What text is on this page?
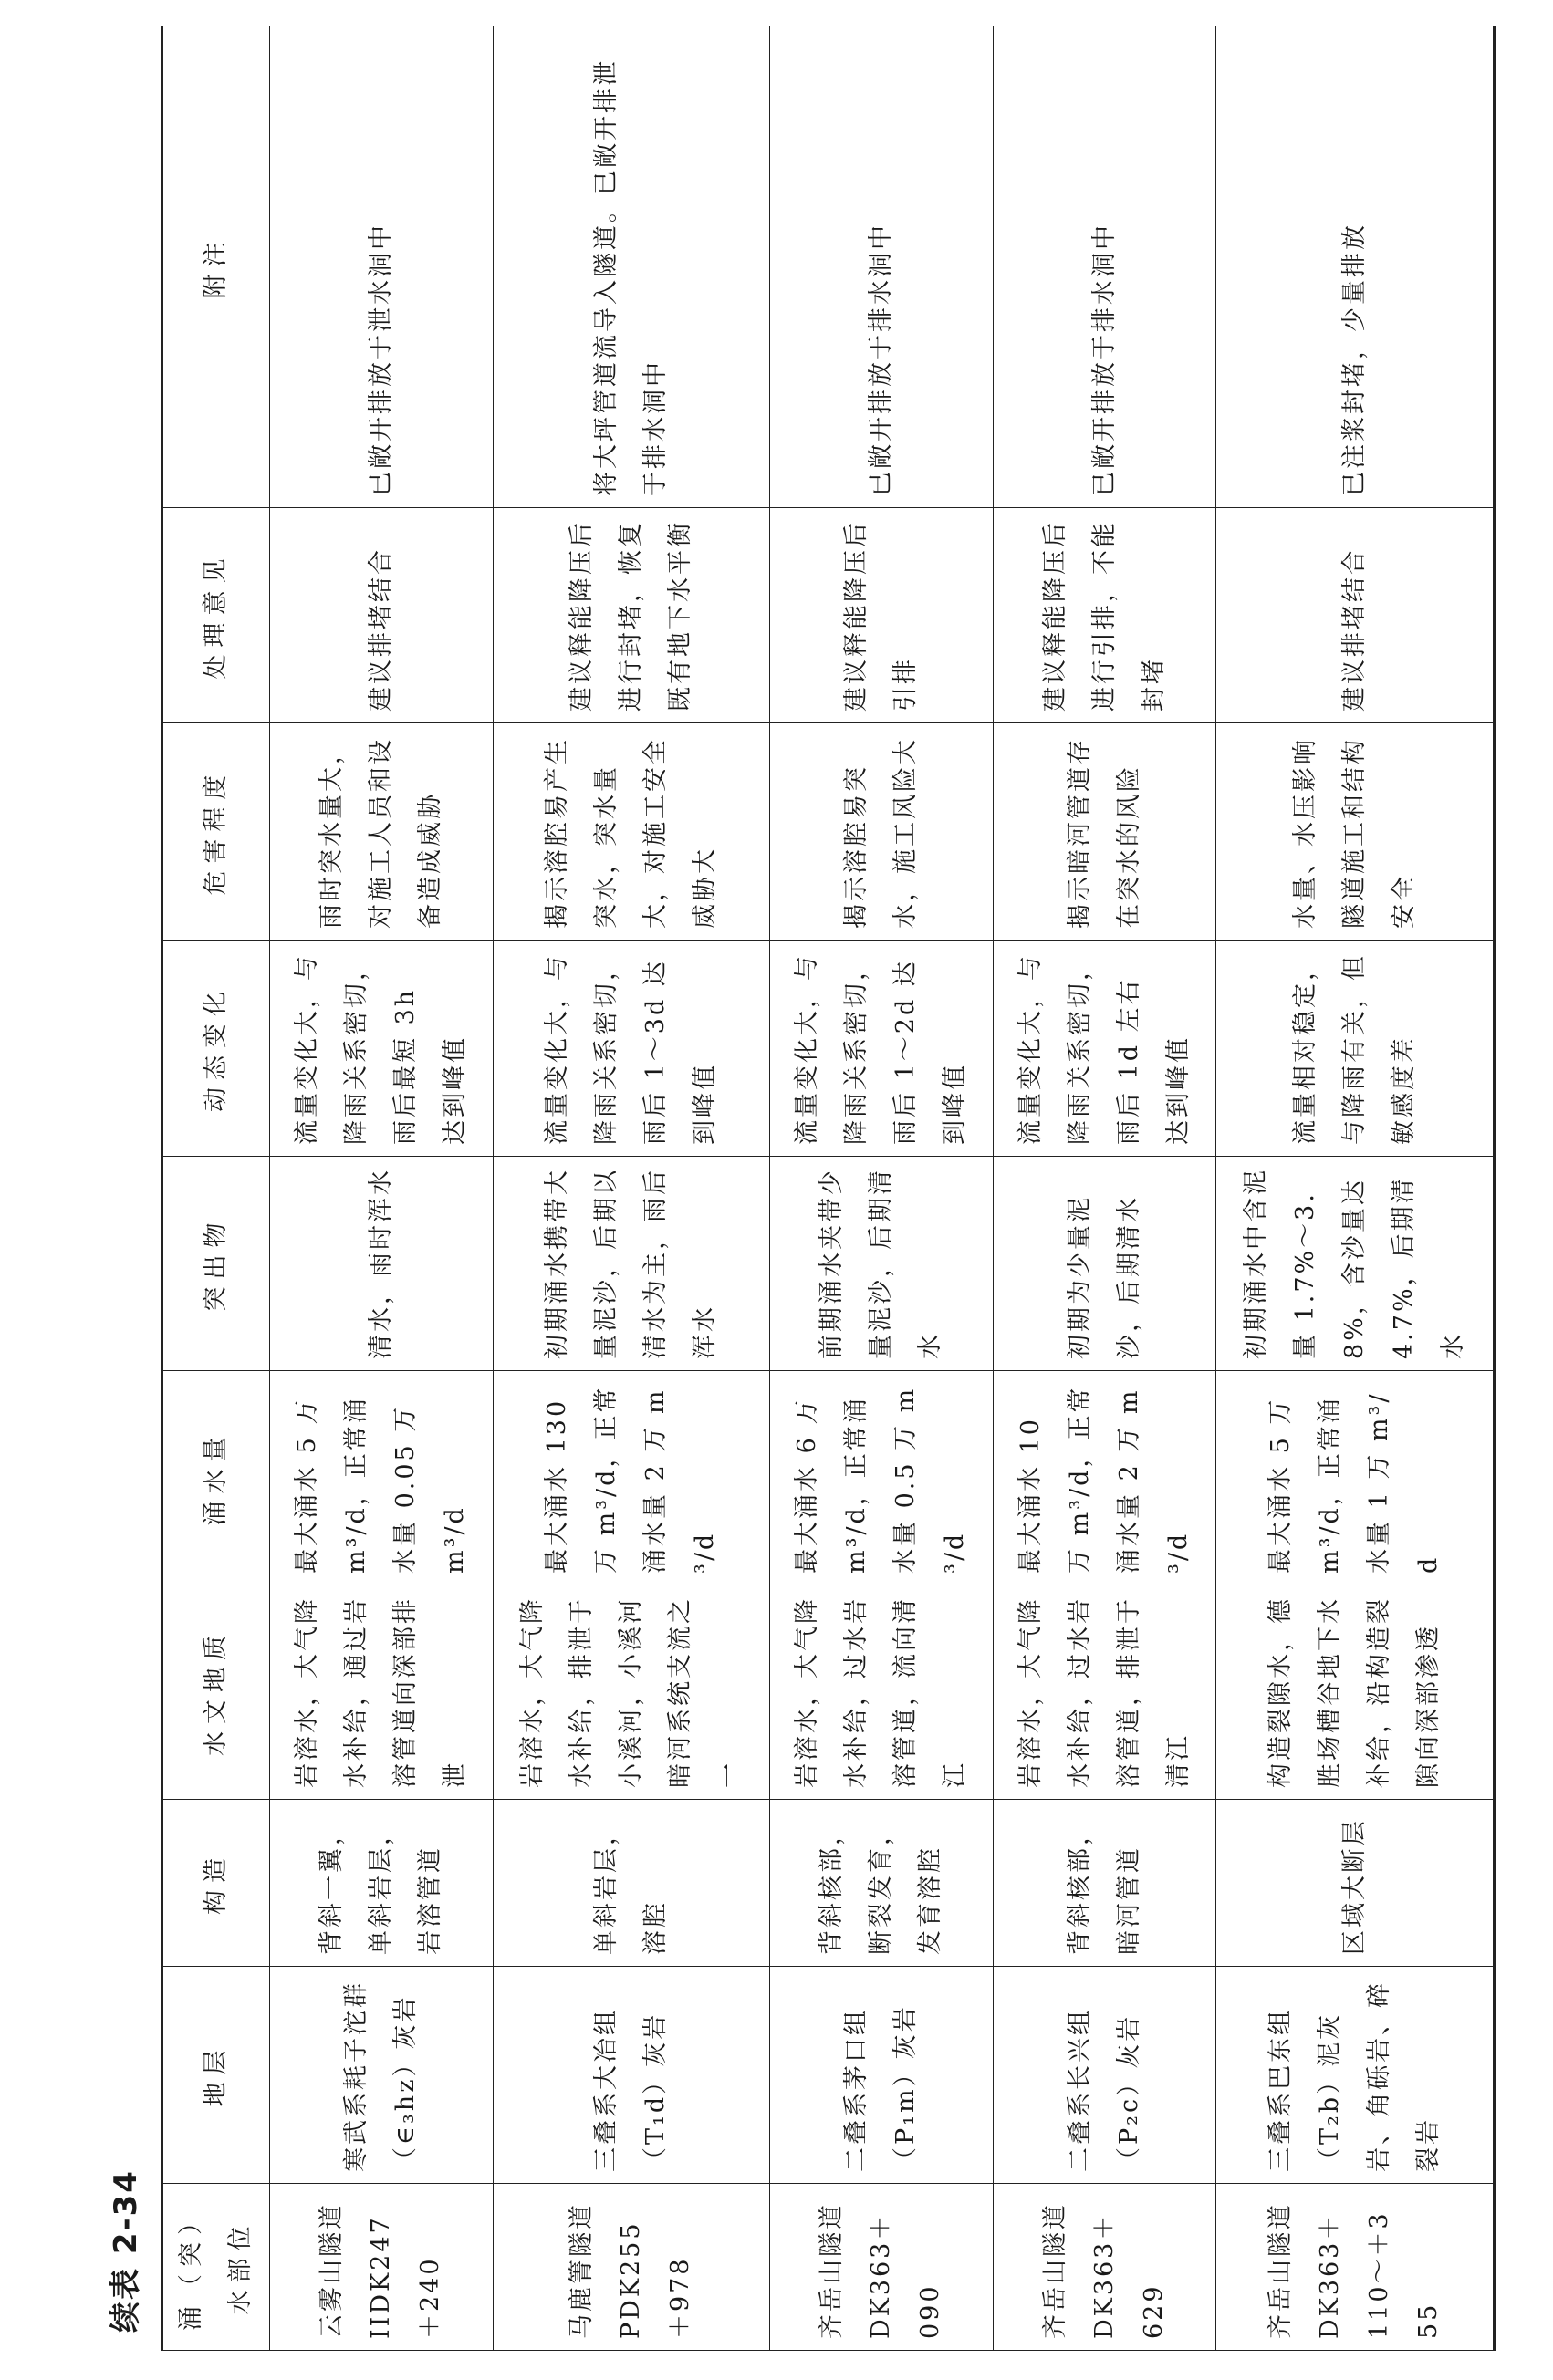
续表 2-34 涌（突）水部位	地层	构造	水文地质	涌水量	突出物	动态变化	危害程度	处理意见	附注
云雾山隧道 IIDK247＋240	寒武系耗子沱群（∈₃hz）灰岩	背斜一翼，单斜岩层，岩溶管道	岩溶水，大气降水补给，通过岩溶管道向深部排泄	最大涌水 5 万 m³/d，正常涌水量 0.05 万 m³/d	清水，雨时浑水	流量变化大，与降雨关系密切，雨后最短 3h 达到峰值	雨时突水量大，对施工人员和设备造成威胁	建议排堵结合	已敞开排放于泄水洞中
马鹿箐隧道 PDK255＋978	三叠系大冶组（T₁d）灰岩	单斜岩层，溶腔	岩溶水，大气降水补给，排泄于小溪河，小溪河暗河系统支流之一	最大涌水 130 万 m³/d，正常涌水量 2 万 m³/d	初期涌水携带大量泥沙，后期以清水为主，雨后浑水	流量变化大，与降雨关系密切，雨后 1～3d 达到峰值	揭示溶腔易产生突水，突水量大，对施工安全威胁大	建议释能降压后进行封堵，恢复既有地下水平衡	将大坪管道流导入隧道。已敞开排泄于排水洞中
齐岳山隧道 DK363＋090	二叠系茅口组（P₁m）灰岩	背斜核部，断裂发育，发育溶腔	岩溶水，大气降水补给，过水岩溶管道，流向清江	最大涌水 6 万 m³/d，正常涌水量 0.5 万 m³/d	前期涌水夹带少量泥沙，后期清水	流量变化大，与降雨关系密切，雨后 1～2d 达到峰值	揭示溶腔易突水，施工风险大	建议释能降压后引排	已敞开排放于排水洞中
齐岳山隧道 DK363＋629	二叠系长兴组（P₂c）灰岩	背斜核部，暗河管道	岩溶水，大气降水补给，过水岩溶管道，排泄于清江	最大涌水 10 万 m³/d，正常涌水量 2 万 m³/d	初期为少量泥沙，后期清水	流量变化大，与降雨关系密切，雨后 1d 左右达到峰值	揭示暗河管道存在突水的风险	建议释能降压后进行引排，不能封堵	已敞开排放于排水洞中
齐岳山隧道 DK363＋110～＋355	三叠系巴东组（T₂b）泥灰岩、角砾岩、碎裂岩	区域大断层	构造裂隙水，德胜场槽谷地下水补给，沿构造裂隙向深部渗透	最大涌水 5 万 m³/d，正常涌水量 1 万 m³/d	初期涌水中含泥量 1.7%～3.8%，含沙量达 4.7%，后期清水	流量相对稳定，与降雨有关，但敏感度差	水量、水压影响隧道施工和结构安全	建议排堵结合	已注浆封堵，少量排放
